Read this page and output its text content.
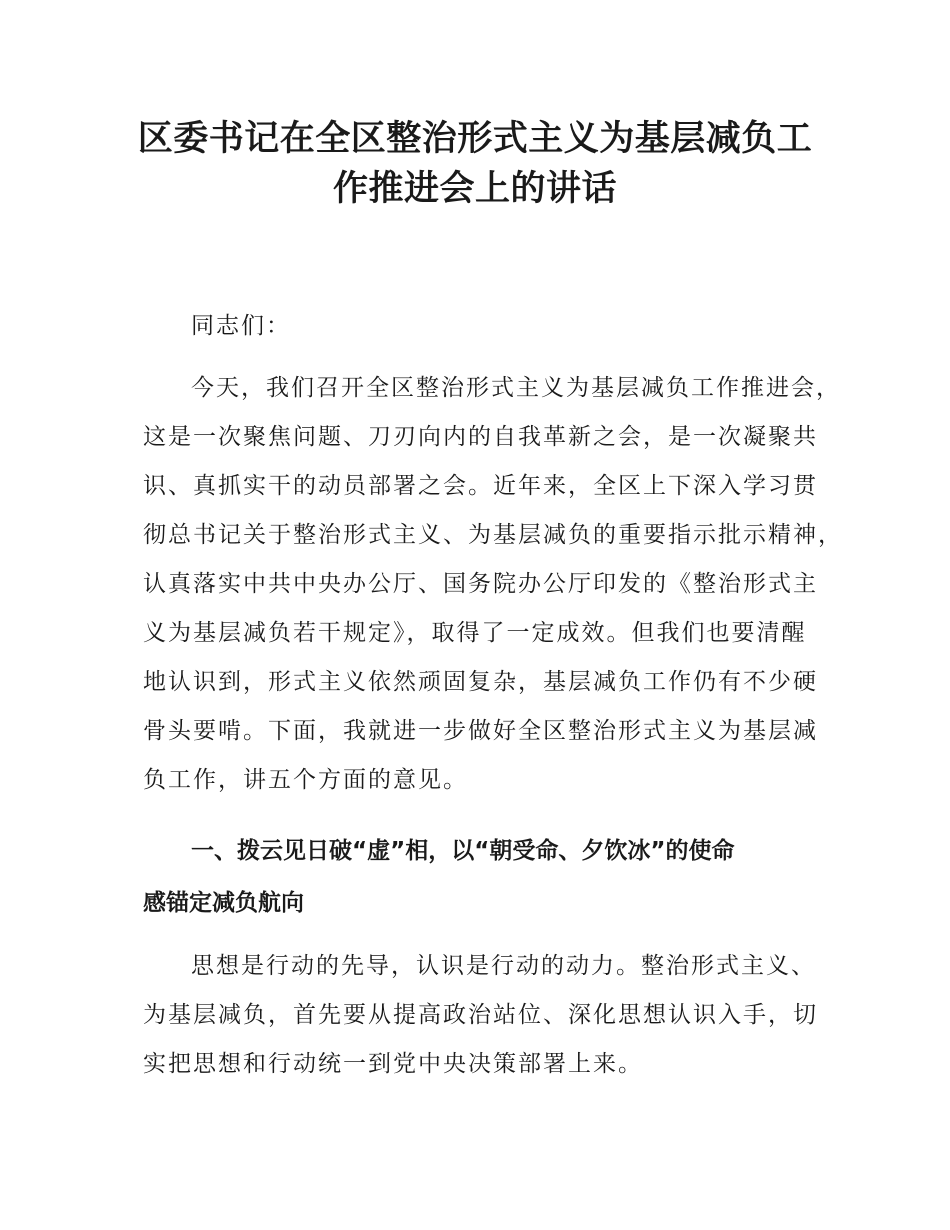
区委书记在全区整治形式主义为基层减负工
作推进会上的讲话

同志们：

今天，我们召开全区整治形式主义为基层减负工作推进会，
这是一次聚焦问题、刀刃向内的自我革新之会，是一次凝聚共
识、真抓实干的动员部署之会。近年来，全区上下深入学习贯
彻总书记关于整治形式主义、为基层减负的重要指示批示精神，
认真落实中共中央办公厅、国务院办公厅印发的《整治形式主
义为基层减负若干规定》，取得了一定成效。但我们也要清醒
地认识到，形式主义依然顽固复杂，基层减负工作仍有不少硬
骨头要啃。下面，我就进一步做好全区整治形式主义为基层减
负工作，讲五个方面的意见。

一、拨云见日破“虚”相，以“朝受命、夕饮冰”的使命
感锚定减负航向

思想是行动的先导，认识是行动的动力。整治形式主义、
为基层减负，首先要从提高政治站位、深化思想认识入手，切
实把思想和行动统一到党中央决策部署上来。
